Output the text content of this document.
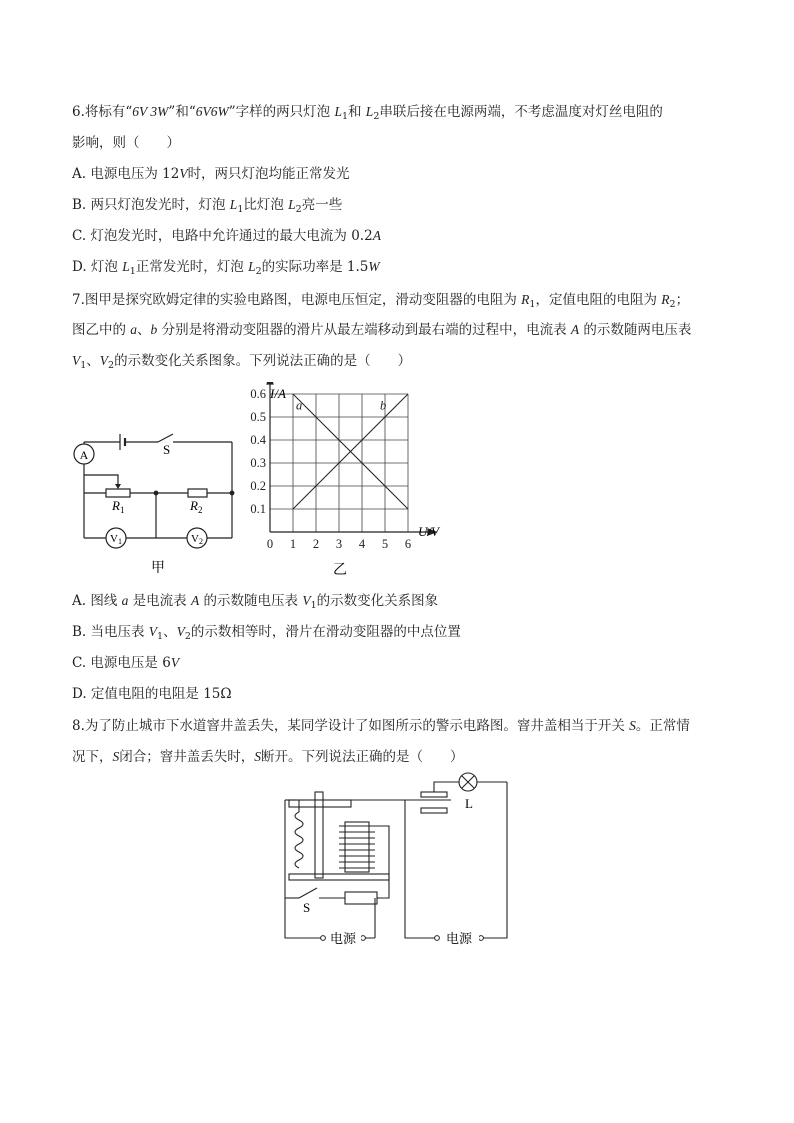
6.将标有“6V 3W”和“6V6W”字样的两只灯泡 $L_1$和 $L_2$串联后接在电源两端，不考虑温度对灯丝电阻的
影响，则（　　）
A. 电源电压为 12V时，两只灯泡均能正常发光
B. 两只灯泡发光时，灯泡 $L_1$比灯泡 $L_2$亮一些
C. 灯泡发光时，电路中允许通过的最大电流为 0.2A
D. 灯泡 $L_1$正常发光时，灯泡 $L_2$的实际功率是 1.5W
7.图甲是探究欧姆定律的实验电路图，电源电压恒定，滑动变阻器的电阻为 $R_1$，定值电阻的电阻为 $R_2$；
图乙中的 a、b 分别是将滑动变阻器的滑片从最左端移动到最右端的过程中，电流表 A 的示数随两电压表
$V_1$、$V_2$的示数变化关系图象。下列说法正确的是（　　）
A	S
$R_1$	$R_2$
V1	V2
甲
a	b
0 1 2 3 4 5 6
0.1
0.2
0.3
0.4
0.5
0.6 I/A
U/V
乙
A. 图线 a 是电流表 A 的示数随电压表 $V_1$的示数变化关系图象
B. 当电压表 $V_1$、$V_2$的示数相等时，滑片在滑动变阻器的中点位置
C. 电源电压是 6V
D. 定值电阻的电阻是 15Ω
8.为了防止城市下水道窨井盖丢失，某同学设计了如图所示的警示电路图。窨井盖相当于开关 S。正常情
况下，S闭合；窨井盖丢失时，S断开。下列说法正确的是（　　）
电源	电源
L
S
